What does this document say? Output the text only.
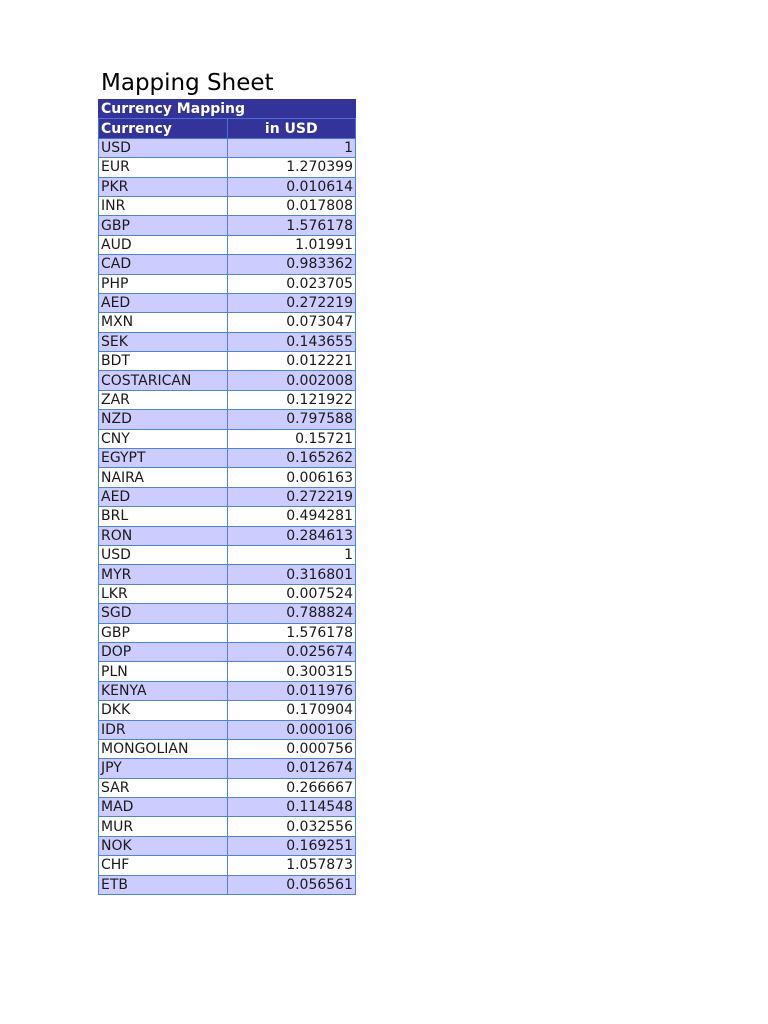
Mapping Sheet
Currency Mapping	
Currency	in USD
USD	1
EUR	1.270399
PKR	0.010614
INR	0.017808
GBP	1.576178
AUD	1.01991
CAD	0.983362
PHP	0.023705
AED	0.272219
MXN	0.073047
SEK	0.143655
BDT	0.012221
COSTARICAN	0.002008
ZAR	0.121922
NZD	0.797588
CNY	0.15721
EGYPT	0.165262
NAIRA	0.006163
AED	0.272219
BRL	0.494281
RON	0.284613
USD	1
MYR	0.316801
LKR	0.007524
SGD	0.788824
GBP	1.576178
DOP	0.025674
PLN	0.300315
KENYA	0.011976
DKK	0.170904
IDR	0.000106
MONGOLIAN	0.000756
JPY	0.012674
SAR	0.266667
MAD	0.114548
MUR	0.032556
NOK	0.169251
CHF	1.057873
ETB	0.056561
